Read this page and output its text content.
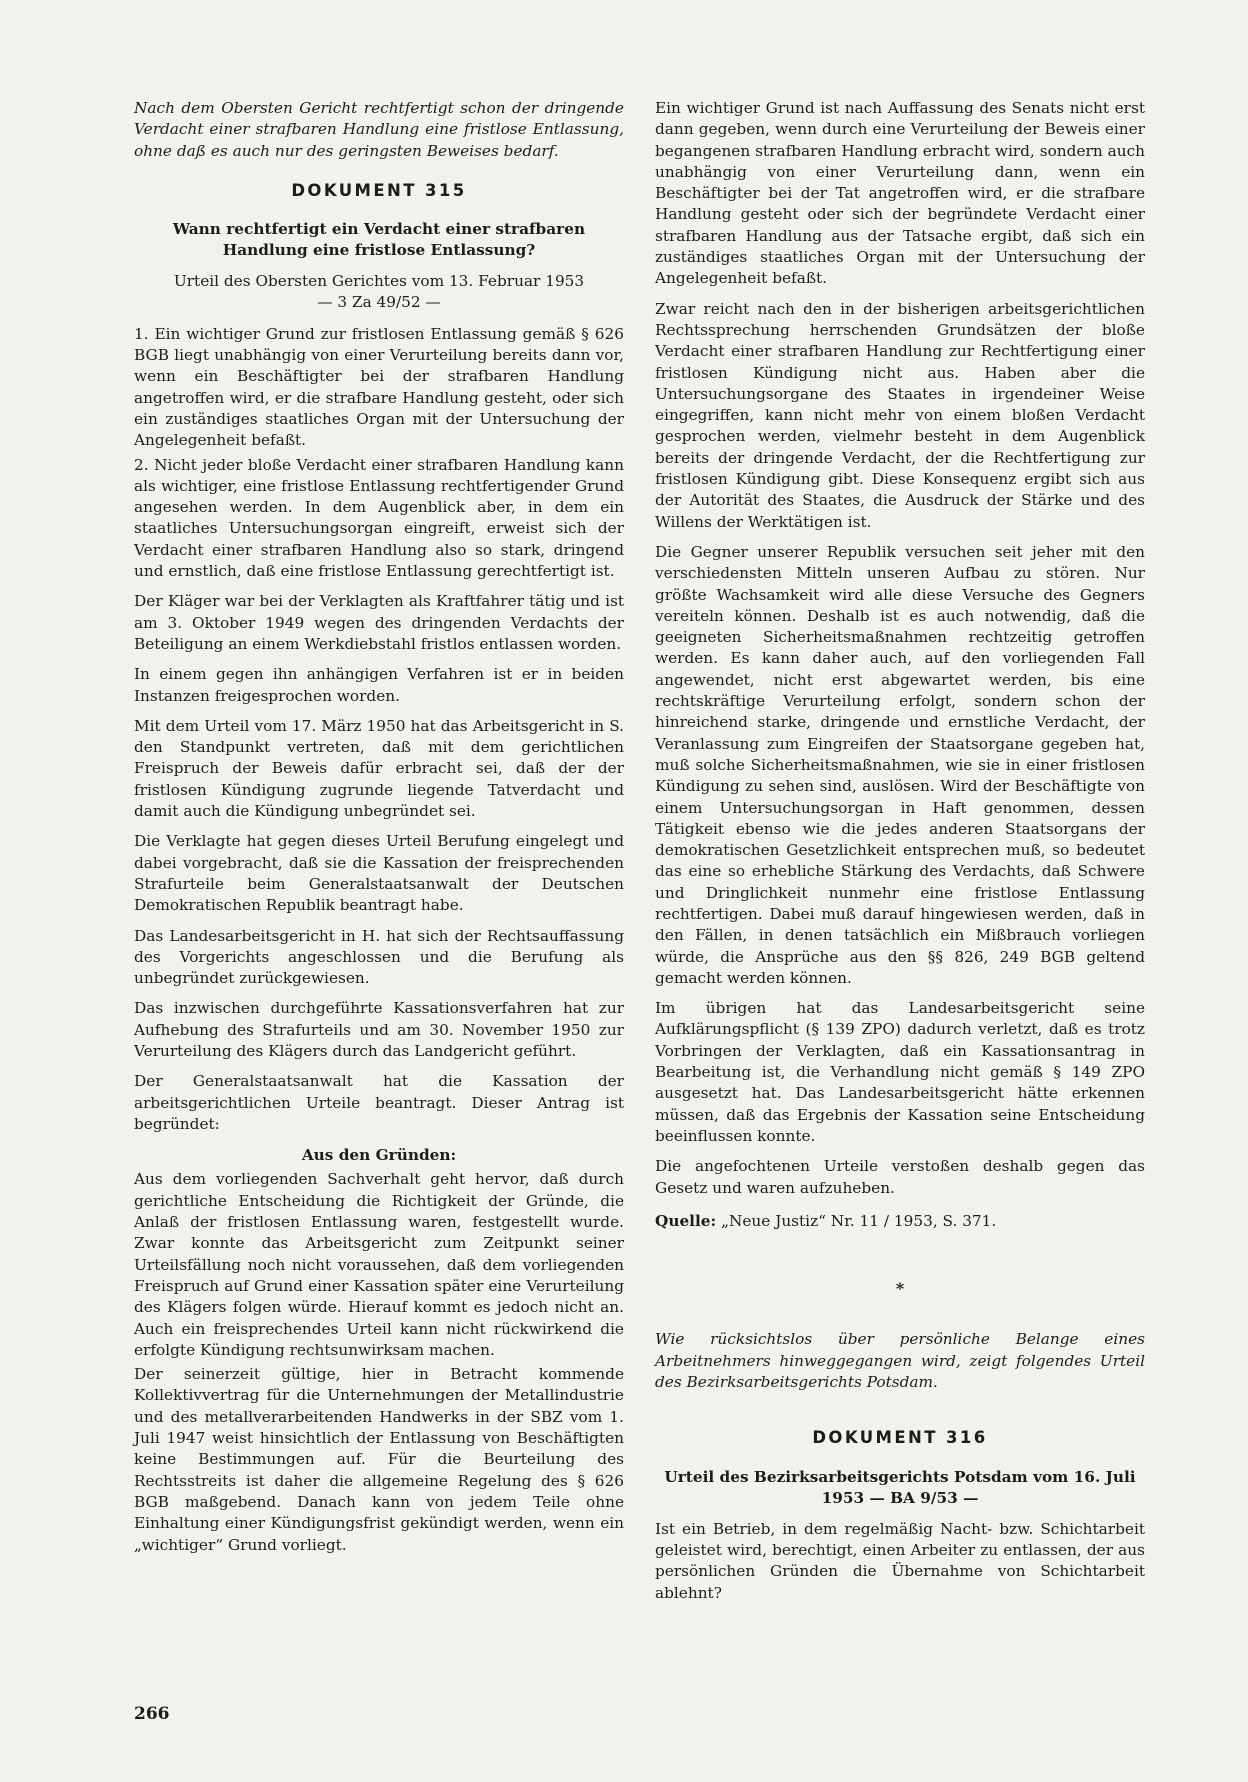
Nach dem Obersten Gericht rechtfertigt schon der dringende Verdacht einer strafbaren Handlung eine fristlose Entlassung, ohne daß es auch nur des geringsten Beweises bedarf.

DOKUMENT 315

Wann rechtfertigt ein Verdacht einer strafbaren Handlung eine fristlose Entlassung?

Urteil des Obersten Gerichtes vom 13. Februar 1953
— 3 Za 49/52 —

1. Ein wichtiger Grund zur fristlosen Entlassung gemäß § 626 BGB liegt unabhängig von einer Verurteilung bereits dann vor, wenn ein Beschäftigter bei der strafbaren Handlung angetroffen wird, er die strafbare Handlung gesteht, oder sich ein zuständiges staatliches Organ mit der Untersuchung der Angelegenheit befaßt.

2. Nicht jeder bloße Verdacht einer strafbaren Handlung kann als wichtiger, eine fristlose Entlassung rechtfertigender Grund angesehen werden. In dem Augenblick aber, in dem ein staatliches Untersuchungsorgan eingreift, erweist sich der Verdacht einer strafbaren Handlung also so stark, dringend und ernstlich, daß eine fristlose Entlassung gerechtfertigt ist.

Der Kläger war bei der Verklagten als Kraftfahrer tätig und ist am 3. Oktober 1949 wegen des dringenden Verdachts der Beteiligung an einem Werkdiebstahl fristlos entlassen worden.

In einem gegen ihn anhängigen Verfahren ist er in beiden Instanzen freigesprochen worden.

Mit dem Urteil vom 17. März 1950 hat das Arbeitsgericht in S. den Standpunkt vertreten, daß mit dem gerichtlichen Freispruch der Beweis dafür erbracht sei, daß der der fristlosen Kündigung zugrunde liegende Tatverdacht und damit auch die Kündigung unbegründet sei.

Die Verklagte hat gegen dieses Urteil Berufung eingelegt und dabei vorgebracht, daß sie die Kassation der freisprechenden Strafurteile beim Generalstaatsanwalt der Deutschen Demokratischen Republik beantragt habe.

Das Landesarbeitsgericht in H. hat sich der Rechtsauffassung des Vorgerichts angeschlossen und die Berufung als unbegründet zurückgewiesen.

Das inzwischen durchgeführte Kassationsverfahren hat zur Aufhebung des Strafurteils und am 30. November 1950 zur Verurteilung des Klägers durch das Landgericht geführt.

Der Generalstaatsanwalt hat die Kassation der arbeitsgerichtlichen Urteile beantragt. Dieser Antrag ist begründet:

Aus den Gründen:

Aus dem vorliegenden Sachverhalt geht hervor, daß durch gerichtliche Entscheidung die Richtigkeit der Gründe, die Anlaß der fristlosen Entlassung waren, festgestellt wurde. Zwar konnte das Arbeitsgericht zum Zeitpunkt seiner Urteilsfällung noch nicht voraussehen, daß dem vorliegenden Freispruch auf Grund einer Kassation später eine Verurteilung des Klägers folgen würde. Hierauf kommt es jedoch nicht an. Auch ein freisprechendes Urteil kann nicht rückwirkend die erfolgte Kündigung rechtsunwirksam machen.

Der seinerzeit gültige, hier in Betracht kommende Kollektivvertrag für die Unternehmungen der Metallindustrie und des metallverarbeitenden Handwerks in der SBZ vom 1. Juli 1947 weist hinsichtlich der Entlassung von Beschäftigten keine Bestimmungen auf. Für die Beurteilung des Rechtsstreits ist daher die allgemeine Regelung des § 626 BGB maßgebend. Danach kann von jedem Teile ohne Einhaltung einer Kündigungsfrist gekündigt werden, wenn ein „wichtiger“ Grund vorliegt.

Ein wichtiger Grund ist nach Auffassung des Senats nicht erst dann gegeben, wenn durch eine Verurteilung der Beweis einer begangenen strafbaren Handlung erbracht wird, sondern auch unabhängig von einer Verurteilung dann, wenn ein Beschäftigter bei der Tat angetroffen wird, er die strafbare Handlung gesteht oder sich der begründete Verdacht einer strafbaren Handlung aus der Tatsache ergibt, daß sich ein zuständiges staatliches Organ mit der Untersuchung der Angelegenheit befaßt.

Zwar reicht nach den in der bisherigen arbeitsgerichtlichen Rechtssprechung herrschenden Grundsätzen der bloße Verdacht einer strafbaren Handlung zur Rechtfertigung einer fristlosen Kündigung nicht aus. Haben aber die Untersuchungsorgane des Staates in irgendeiner Weise eingegriffen, kann nicht mehr von einem bloßen Verdacht gesprochen werden, vielmehr besteht in dem Augenblick bereits der dringende Verdacht, der die Rechtfertigung zur fristlosen Kündigung gibt. Diese Konsequenz ergibt sich aus der Autorität des Staates, die Ausdruck der Stärke und des Willens der Werktätigen ist.

Die Gegner unserer Republik versuchen seit jeher mit den verschiedensten Mitteln unseren Aufbau zu stören. Nur größte Wachsamkeit wird alle diese Versuche des Gegners vereiteln können. Deshalb ist es auch notwendig, daß die geeigneten Sicherheitsmaßnahmen rechtzeitig getroffen werden. Es kann daher auch, auf den vorliegenden Fall angewendet, nicht erst abgewartet werden, bis eine rechtskräftige Verurteilung erfolgt, sondern schon der hinreichend starke, dringende und ernstliche Verdacht, der Veranlassung zum Eingreifen der Staatsorgane gegeben hat, muß solche Sicherheitsmaßnahmen, wie sie in einer fristlosen Kündigung zu sehen sind, auslösen. Wird der Beschäftigte von einem Untersuchungsorgan in Haft genommen, dessen Tätigkeit ebenso wie die jedes anderen Staatsorgans der demokratischen Gesetzlichkeit entsprechen muß, so bedeutet das eine so erhebliche Stärkung des Verdachts, daß Schwere und Dringlichkeit nunmehr eine fristlose Entlassung rechtfertigen. Dabei muß darauf hingewiesen werden, daß in den Fällen, in denen tatsächlich ein Mißbrauch vorliegen würde, die Ansprüche aus den §§ 826, 249 BGB geltend gemacht werden können.

Im übrigen hat das Landesarbeitsgericht seine Aufklärungspflicht (§ 139 ZPO) dadurch verletzt, daß es trotz Vorbringen der Verklagten, daß ein Kassationsantrag in Bearbeitung ist, die Verhandlung nicht gemäß § 149 ZPO ausgesetzt hat. Das Landesarbeitsgericht hätte erkennen müssen, daß das Ergebnis der Kassation seine Entscheidung beeinflussen konnte.

Die angefochtenen Urteile verstoßen deshalb gegen das Gesetz und waren aufzuheben.

Quelle: „Neue Justiz“ Nr. 11 / 1953, S. 371.

*

Wie rücksichtslos über persönliche Belange eines Arbeitnehmers hinweggegangen wird, zeigt folgendes Urteil des Bezirksarbeitsgerichts Potsdam.

DOKUMENT 316

Urteil des Bezirksarbeitsgerichts Potsdam vom 16. Juli 1953 — BA 9/53 —

Ist ein Betrieb, in dem regelmäßig Nacht- bzw. Schichtarbeit geleistet wird, berechtigt, einen Arbeiter zu entlassen, der aus persönlichen Gründen die Übernahme von Schichtarbeit ablehnt?

266
